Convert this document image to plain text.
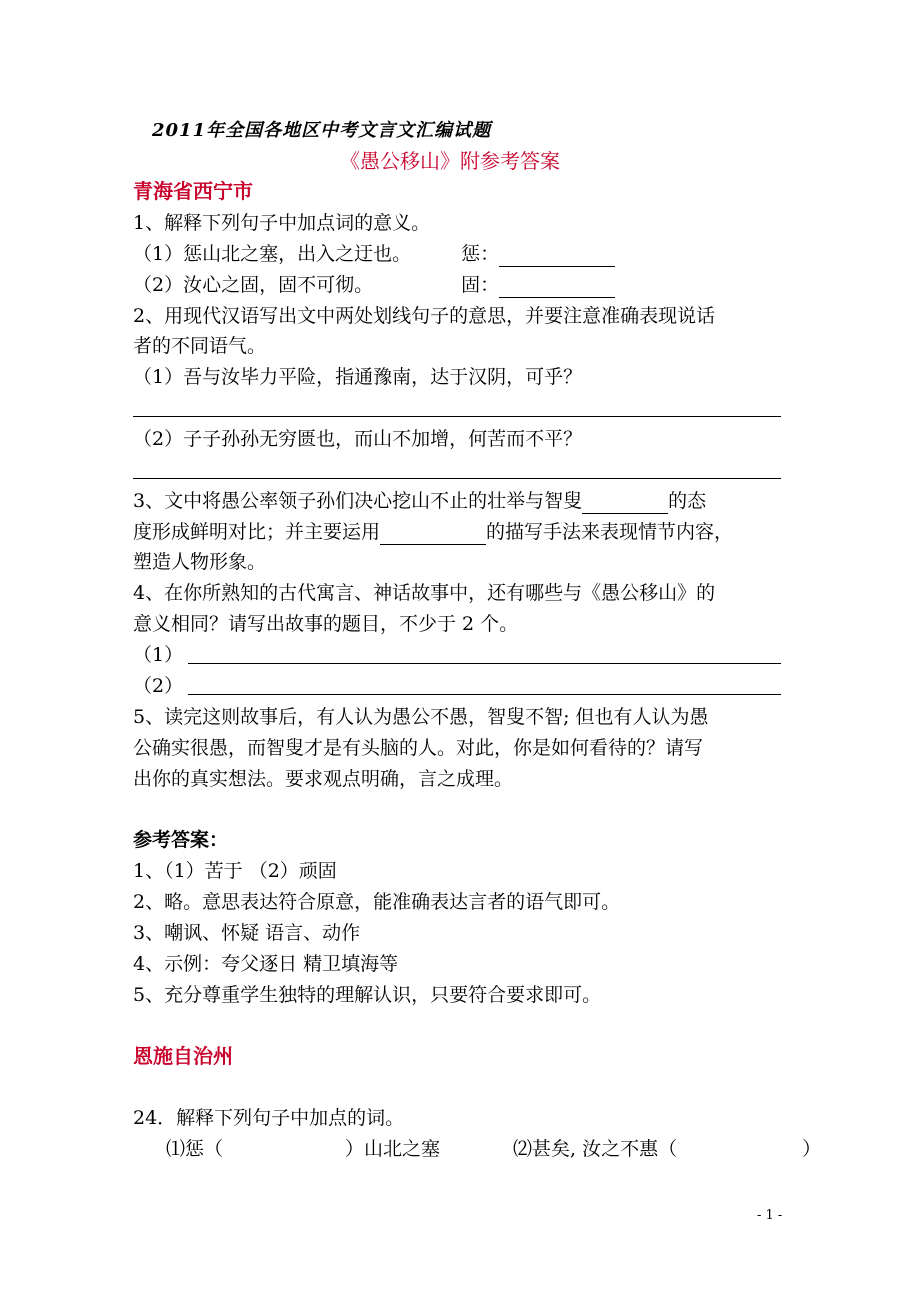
2011年全国各地区中考文言文汇编试题
《愚公移山》附参考答案
青海省西宁市
1、解释下列句子中加点词的意义。
（1）惩山北之塞，出入之迂也。	惩：
（2）汝心之固，固不可彻。	固：
2、用现代汉语写出文中两处划线句子的意思，并要注意准确表现说话
者的不同语气。
（1）吾与汝毕力平险，指通豫南，达于汉阴，可乎？
（2）子子孙孙无穷匮也，而山不加增，何苦而不平？
3、文中将愚公率领子孙们决心挖山不止的壮举与智叟	的态
度形成鲜明对比；并主要运用	的描写手法来表现情节内容，
塑造人物形象。
4、在你所熟知的古代寓言、神话故事中，还有哪些与《愚公移山》的
意义相同？请写出故事的题目，不少于 2 个。
（1）
（2）
5、读完这则故事后，有人认为愚公不愚，智叟不智; 但也有人认为愚
公确实很愚，而智叟才是有头脑的人。对此，你是如何看待的？请写
出你的真实想法。要求观点明确，言之成理。
参考答案：
1、（1）苦于 （2）顽固
2、略。意思表达符合原意，能准确表达言者的语气即可。
3、嘲讽、怀疑 语言、动作
4、示例：夸父逐日 精卫填海等
5、充分尊重学生独特的理解认识，只要符合要求即可。
恩施自治州
24．解释下列句子中加点的词。
⑴惩（	）山北之塞	⑵甚矣, 汝之不惠（	）
- 1 -
